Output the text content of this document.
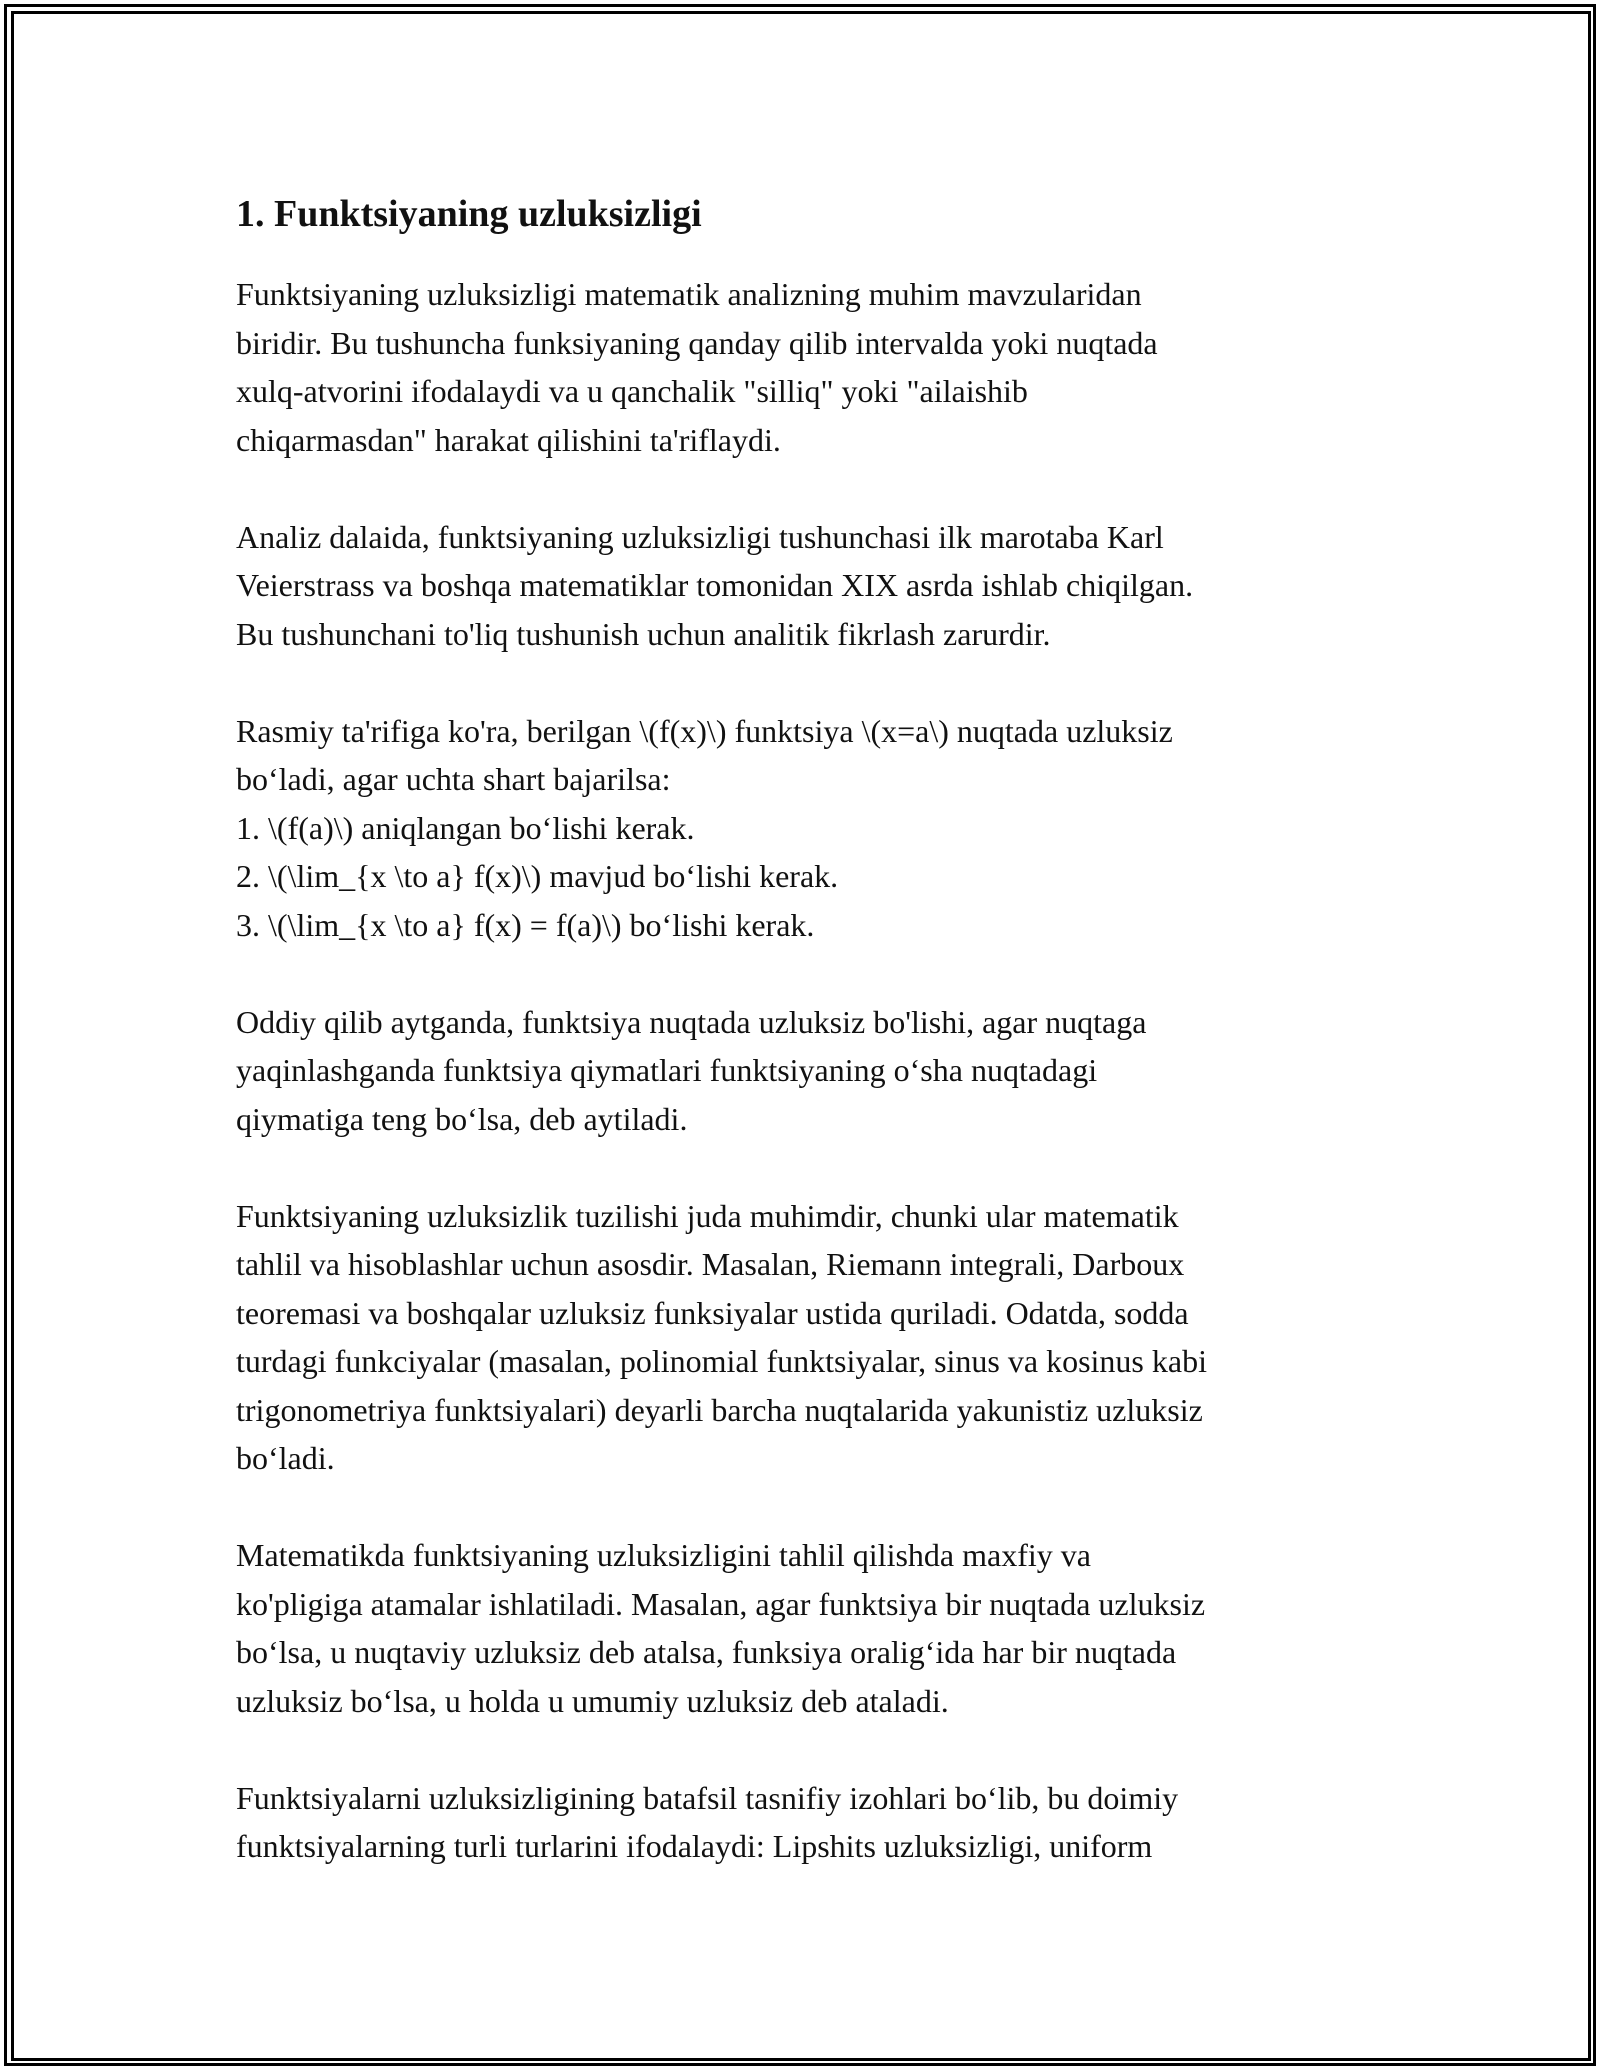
1. Funktsiyaning uzluksizligi
Funktsiyaning uzluksizligi matematik analizning muhim mavzularidan
biridir. Bu tushuncha funksiyaning qanday qilib intervalda yoki nuqtada
xulq-atvorini ifodalaydi va u qanchalik "silliq" yoki "ailaishib
chiqarmasdan" harakat qilishini ta'riflaydi.
Analiz dalaida, funktsiyaning uzluksizligi tushunchasi ilk marotaba Karl
Veierstrass va boshqa matematiklar tomonidan XIX asrda ishlab chiqilgan.
Bu tushunchani to'liq tushunish uchun analitik fikrlash zarurdir.
Rasmiy ta'rifiga ko'ra, berilgan \(f(x)\) funktsiya \(x=a\) nuqtada uzluksiz
bo‘ladi, agar uchta shart bajarilsa:
1. \(f(a)\) aniqlangan bo‘lishi kerak.
2. \(\lim_{x \to a} f(x)\) mavjud bo‘lishi kerak.
3. \(\lim_{x \to a} f(x) = f(a)\) bo‘lishi kerak.
Oddiy qilib aytganda, funktsiya nuqtada uzluksiz bo'lishi, agar nuqtaga
yaqinlashganda funktsiya qiymatlari funktsiyaning o‘sha nuqtadagi
qiymatiga teng bo‘lsa, deb aytiladi.
Funktsiyaning uzluksizlik tuzilishi juda muhimdir, chunki ular matematik
tahlil va hisoblashlar uchun asosdir. Masalan, Riemann integrali, Darboux
teoremasi va boshqalar uzluksiz funksiyalar ustida quriladi. Odatda, sodda
turdagi funkciyalar (masalan, polinomial funktsiyalar, sinus va kosinus kabi
trigonometriya funktsiyalari) deyarli barcha nuqtalarida yakunistiz uzluksiz
bo‘ladi.
Matematikda funktsiyaning uzluksizligini tahlil qilishda maxfiy va
ko'pligiga atamalar ishlatiladi. Masalan, agar funktsiya bir nuqtada uzluksiz
bo‘lsa, u nuqtaviy uzluksiz deb atalsa, funksiya oralig‘ida har bir nuqtada
uzluksiz bo‘lsa, u holda u umumiy uzluksiz deb ataladi.
Funktsiyalarni uzluksizligining batafsil tasnifiy izohlari bo‘lib, bu doimiy
funktsiyalarning turli turlarini ifodalaydi: Lipshits uzluksizligi, uniform
